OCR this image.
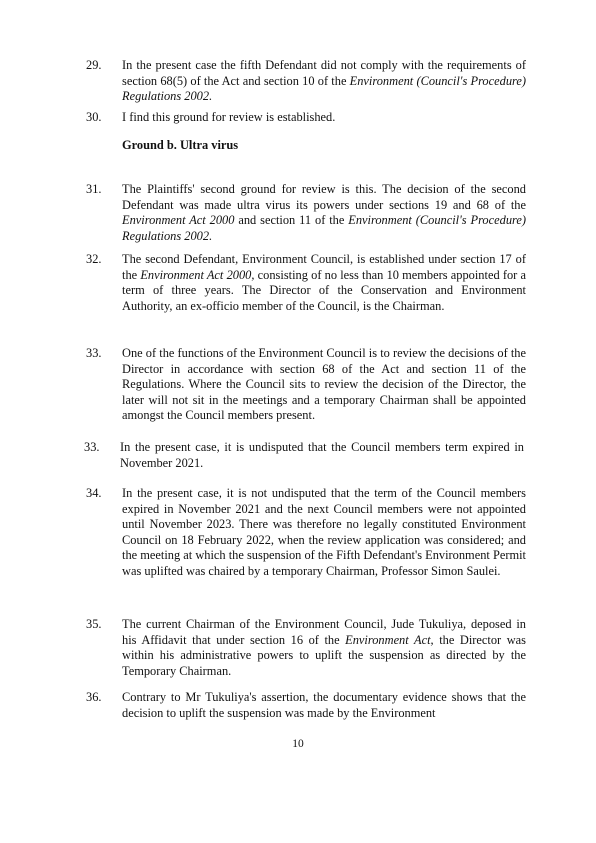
29.	In the present case the fifth Defendant did not comply with the requirements of section 68(5) of the Act and section 10 of the Environment (Council's Procedure) Regulations 2002.
30.	I find this ground for review is established.
Ground b. Ultra virus
31.	The Plaintiffs' second ground for review is this. The decision of the second Defendant was made ultra virus its powers under sections 19 and 68 of the Environment Act 2000 and section 11 of the Environment (Council's Procedure) Regulations 2002.
32.	The second Defendant, Environment Council, is established under section 17 of the Environment Act 2000, consisting of no less than 10 members appointed for a term of three years. The Director of the Conservation and Environment Authority, an ex-officio member of the Council, is the Chairman.
33.	One of the functions of the Environment Council is to review the decisions of the Director in accordance with section 68 of the Act and section 11 of the Regulations. Where the Council sits to review the decision of the Director, the later will not sit in the meetings and a temporary Chairman shall be appointed amongst the Council members present.
33.	In the present case, it is undisputed that the Council members term expired in November 2021.
34.	In the present case, it is not undisputed that the term of the Council members expired in November 2021 and the next Council members were not appointed until November 2023. There was therefore no legally constituted Environment Council on 18 February 2022, when the review application was considered; and the meeting at which the suspension of the Fifth Defendant's Environment Permit was uplifted was chaired by a temporary Chairman, Professor Simon Saulei.
35.	The current Chairman of the Environment Council, Jude Tukuliya, deposed in his Affidavit that under section 16 of the Environment Act, the Director was within his administrative powers to uplift the suspension as directed by the Temporary Chairman.
36.	Contrary to Mr Tukuliya's assertion, the documentary evidence shows that the decision to uplift the suspension was made by the Environment
10
